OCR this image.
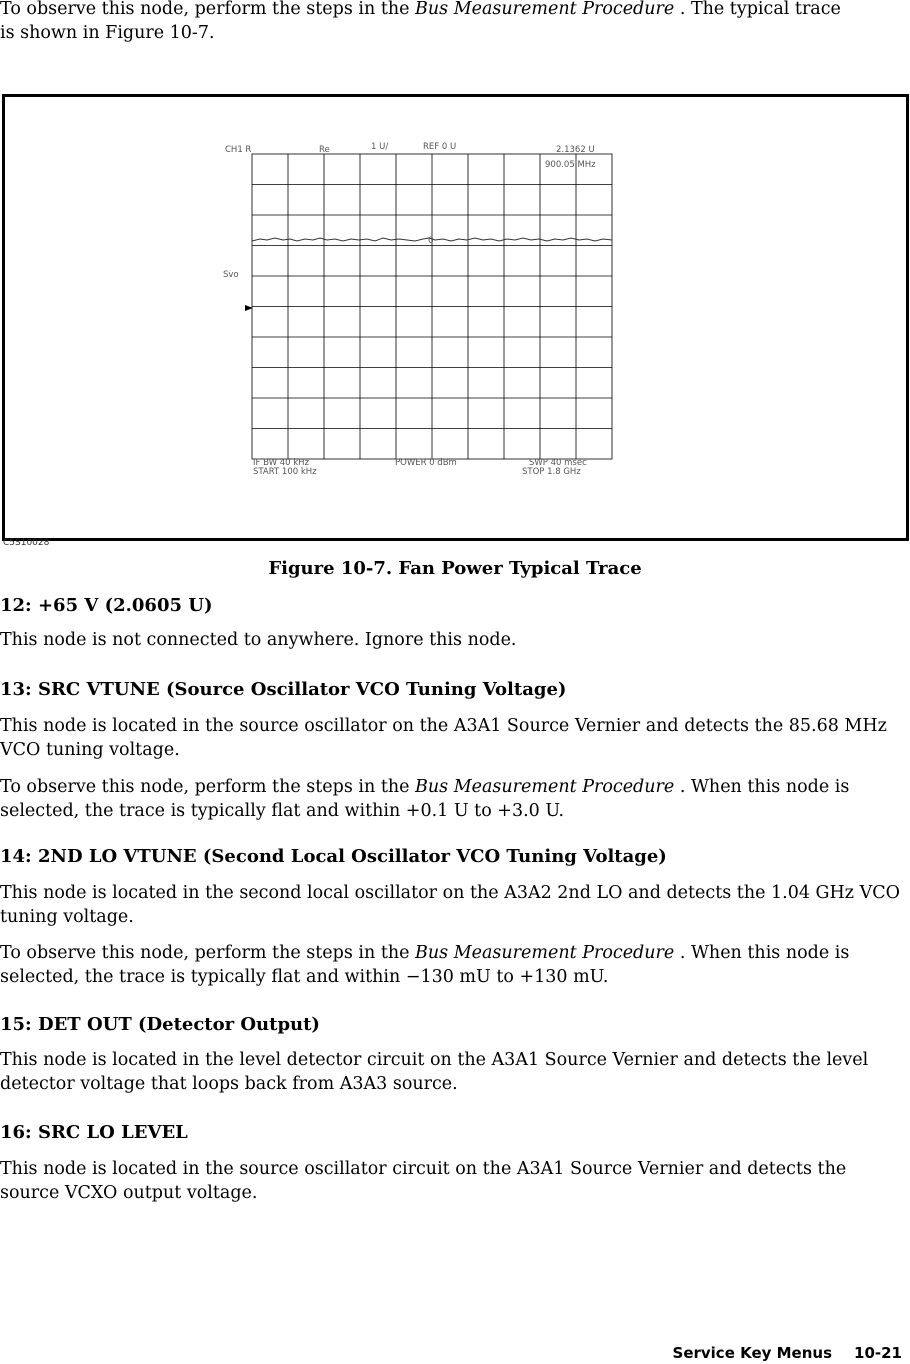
To observe this node, perform the steps in the Bus Measurement Procedure . The typical trace
is shown in Figure 10-7.
CH1 R	Re	1 U/	REF 0 U	2.1362 U
900.05 MHz
Svo
0
IF BW 40 kHz	POWER 0 dBm	SWP 40 msec
START 100 kHz	STOP 1.8 GHz
C5S10028
Figure 10-7. Fan Power Typical Trace
12: +65 V (2.0605 U)
This node is not connected to anywhere. Ignore this node.
13: SRC VTUNE (Source Oscillator VCO Tuning Voltage)
This node is located in the source oscillator on the A3A1 Source Vernier and detects the 85.68 MHz VCO tuning voltage.
To observe this node, perform the steps in the Bus Measurement Procedure . When this node is selected, the trace is typically flat and within +0.1 U to +3.0 U.
14: 2ND LO VTUNE (Second Local Oscillator VCO Tuning Voltage)
This node is located in the second local oscillator on the A3A2 2nd LO and detects the 1.04 GHz VCO tuning voltage.
To observe this node, perform the steps in the Bus Measurement Procedure . When this node is selected, the trace is typically flat and within −130 mU to +130 mU.
15: DET OUT (Detector Output)
This node is located in the level detector circuit on the A3A1 Source Vernier and detects the level detector voltage that loops back from A3A3 source.
16: SRC LO LEVEL
This node is located in the source oscillator circuit on the A3A1 Source Vernier and detects the source VCXO output voltage.
Service Key Menus 10-21
